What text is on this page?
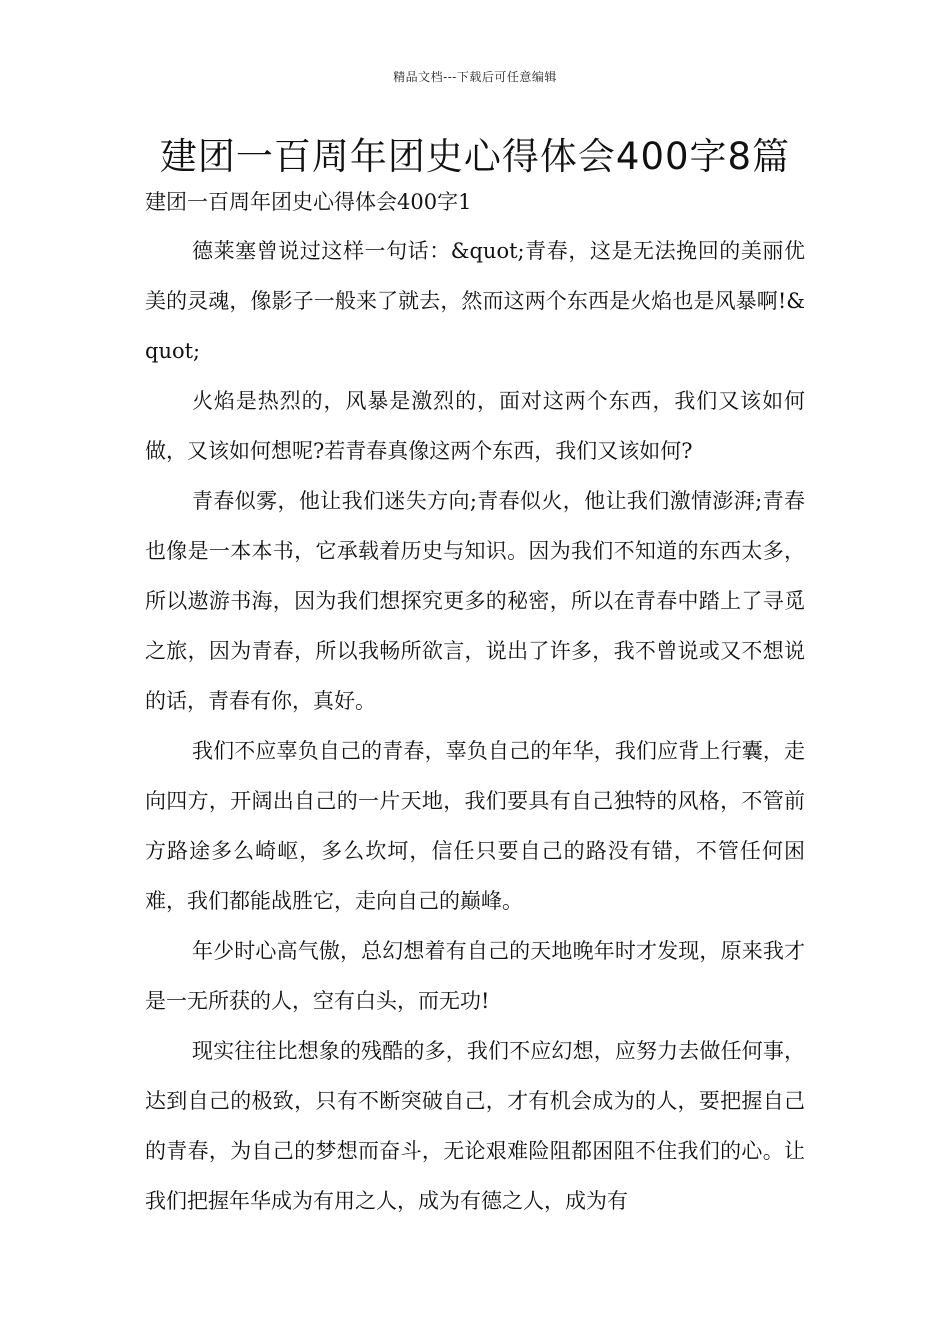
精品文档---下载后可任意编辑
建团一百周年团史心得体会400字8篇
建团一百周年团史心得体会400字1

德莱塞曾说过这样一句话：&quot;青春，这是无法挽回的美丽优美的灵魂，像影子一般来了就去，然而这两个东西是火焰也是风暴啊!&quot;

火焰是热烈的，风暴是激烈的，面对这两个东西，我们又该如何做，又该如何想呢?若青春真像这两个东西，我们又该如何?

青春似雾，他让我们迷失方向;青春似火，他让我们激情澎湃;青春也像是一本本书，它承载着历史与知识。因为我们不知道的东西太多，所以遨游书海，因为我们想探究更多的秘密，所以在青春中踏上了寻觅之旅，因为青春，所以我畅所欲言，说出了许多，我不曾说或又不想说的话，青春有你，真好。

我们不应辜负自己的青春，辜负自己的年华，我们应背上行囊，走向四方，开阔出自己的一片天地，我们要具有自己独特的风格，不管前方路途多么崎岖，多么坎坷，信任只要自己的路没有错，不管任何困难，我们都能战胜它，走向自己的巅峰。

年少时心高气傲，总幻想着有自己的天地晚年时才发现，原来我才是一无所获的人，空有白头，而无功!

现实往往比想象的残酷的多，我们不应幻想，应努力去做任何事，达到自己的极致，只有不断突破自己，才有机会成为的人，要把握自己的青春，为自己的梦想而奋斗，无论艰难险阻都困阻不住我们的心。让我们把握年华成为有用之人，成为有德之人，成为有
